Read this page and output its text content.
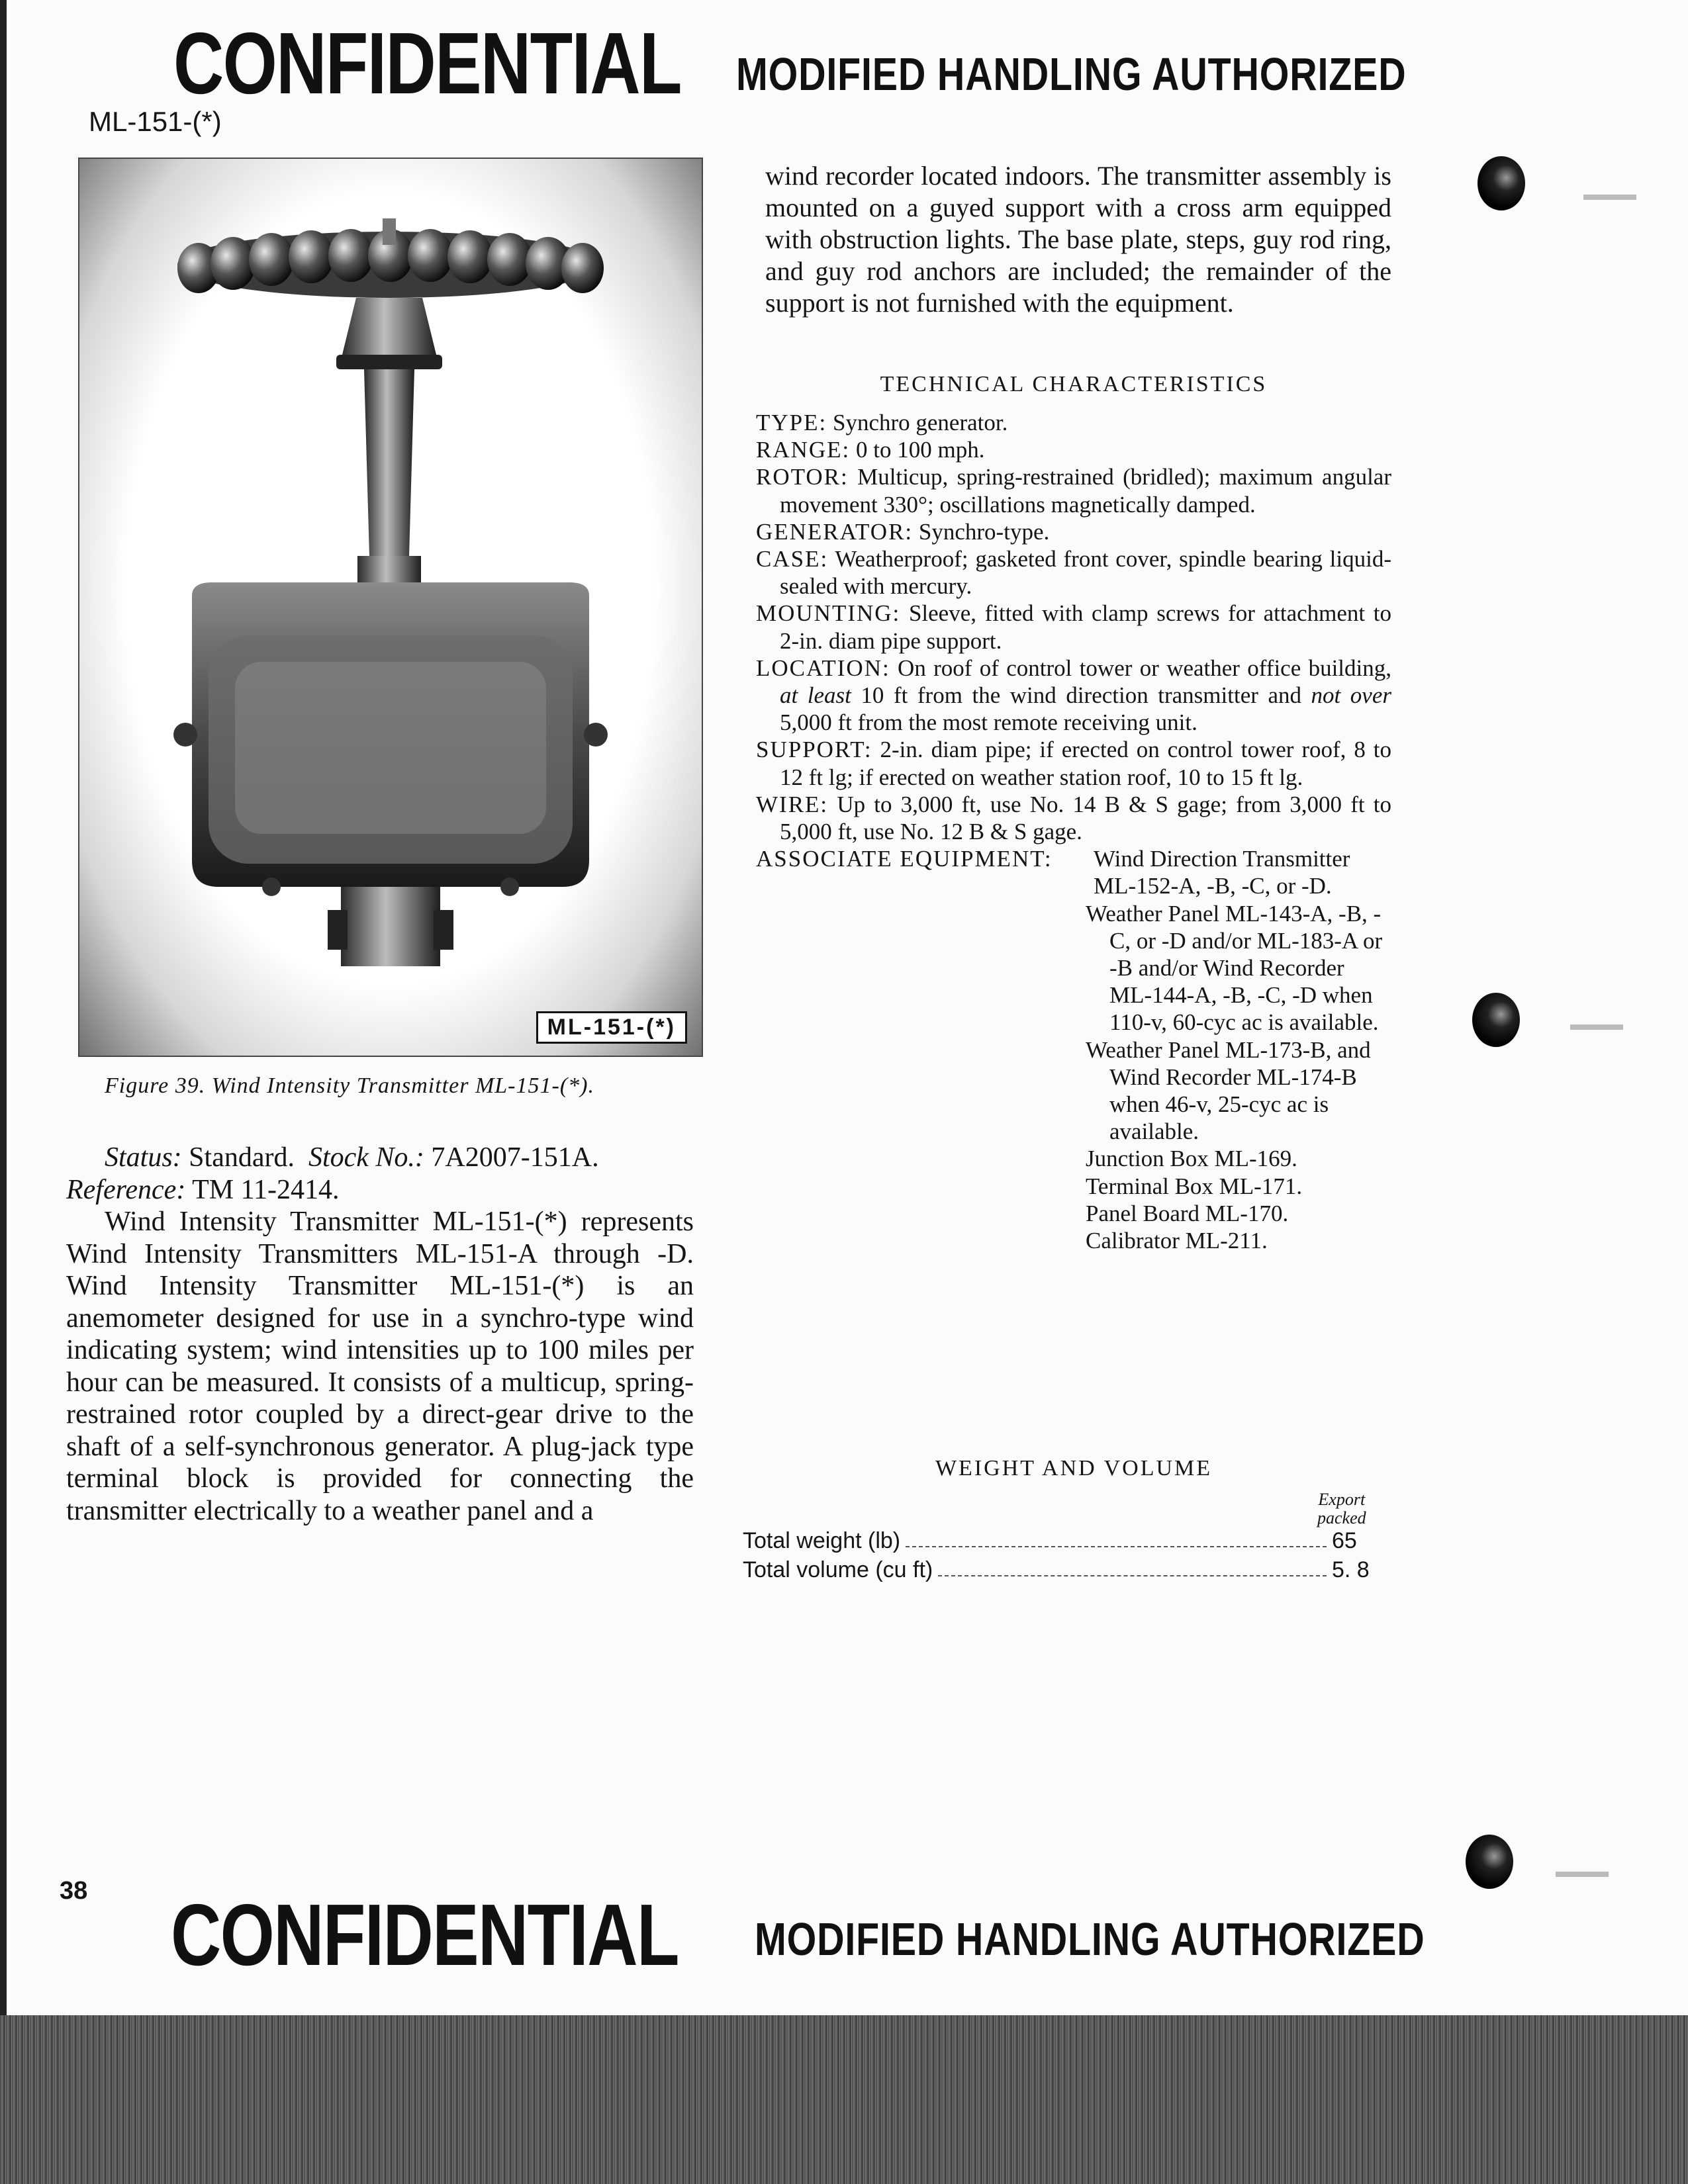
CONFIDENTIAL MODIFIED HANDLING AUTHORIZED
ML-151-(*)
ML-151-(*)
Figure 39. Wind Intensity Transmitter ML-151-(*).

Status: Standard. Stock No.: 7A2007-151A.

Reference: TM 11-2414.

Wind Intensity Transmitter ML-151-(*) represents Wind Intensity Transmitters ML-151-A through -D. Wind Intensity Transmitter ML-151-(*) is an anemometer designed for use in a synchro-type wind indicating system; wind intensities up to 100 miles per hour can be measured. It consists of a multicup, spring-restrained rotor coupled by a direct-gear drive to the shaft of a self-synchronous generator. A plug-jack type terminal block is provided for connecting the transmitter electrically to a weather panel and a

wind recorder located indoors. The transmitter assembly is mounted on a guyed support with a cross arm equipped with obstruction lights. The base plate, steps, guy rod ring, and guy rod anchors are included; the remainder of the support is not furnished with the equipment.

TECHNICAL CHARACTERISTICS

TYPE: Synchro generator.

RANGE: 0 to 100 mph.

ROTOR: Multicup, spring-restrained (bridled); maximum angular movement 330°; oscillations magnetically damped.

GENERATOR: Synchro-type.

CASE: Weatherproof; gasketed front cover, spindle bearing liquid-sealed with mercury.

MOUNTING: Sleeve, fitted with clamp screws for attachment to 2-in. diam pipe support.

LOCATION: On roof of control tower or weather office building, at least 10 ft from the wind direction transmitter and not over 5,000 ft from the most remote receiving unit.

SUPPORT: 2-in. diam pipe; if erected on control tower roof, 8 to 12 ft lg; if erected on weather station roof, 10 to 15 ft lg.

WIRE: Up to 3,000 ft, use No. 14 B & S gage; from 3,000 ft to 5,000 ft, use No. 12 B & S gage.

ASSOCIATE EQUIPMENT:	Wind Direction Transmitter ML-152-A, -B, -C, or -D.

Weather Panel ML-143-A, -B, -C, or -D and/or ML-183-A or -B and/or Wind Recorder ML-144-A, -B, -C, -D when 110-v, 60-cyc ac is available.

Weather Panel ML-173-B, and Wind Recorder ML-174-B when 46-v, 25-cyc ac is available.

Junction Box ML-169.

Terminal Box ML-171.

Panel Board ML-170.

Calibrator ML-211.

WEIGHT AND VOLUME
Export
packed
Total weight (lb)	65
Total volume (cu ft)	5. 8
38 CONFIDENTIAL MODIFIED HANDLING AUTHORIZED
